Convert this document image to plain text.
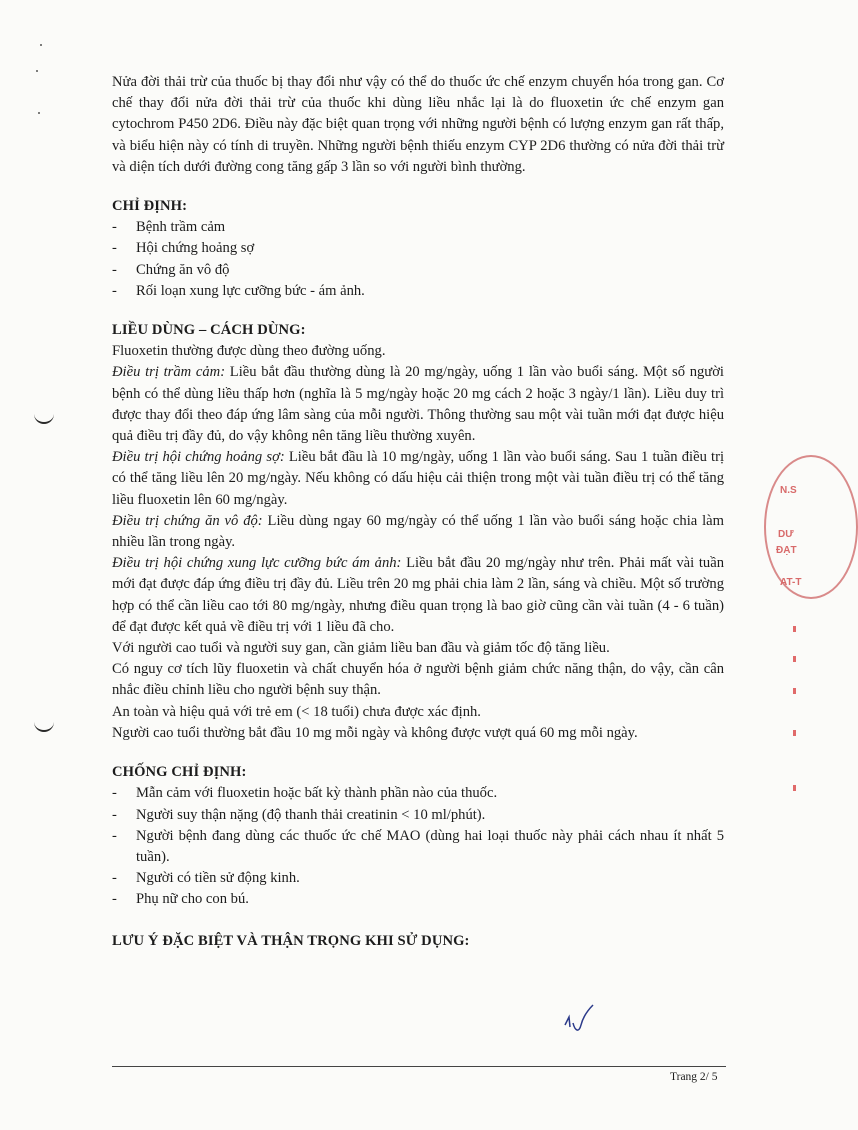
Nửa đời thải trừ của thuốc bị thay đổi như vậy có thể do thuốc ức chế enzym chuyển hóa trong gan. Cơ chế thay đổi nửa đời thải trừ của thuốc khi dùng liều nhắc lại là do fluoxetin ức chế enzym gan cytochrom P450 2D6. Điều này đặc biệt quan trọng với những người bệnh có lượng enzym gan rất thấp, và biểu hiện này có tính di truyền. Những người bệnh thiếu enzym CYP 2D6 thường có nửa đời thải trừ và diện tích dưới đường cong tăng gấp 3 lần so với người bình thường.

CHỈ ĐỊNH:
- Bệnh trầm cảm
- Hội chứng hoảng sợ
- Chứng ăn vô độ
- Rối loạn xung lực cưỡng bức - ám ảnh.
LIỀU DÙNG – CÁCH DÙNG:

Fluoxetin thường được dùng theo đường uống.

Điều trị trầm cảm: Liều bắt đầu thường dùng là 20 mg/ngày, uống 1 lần vào buổi sáng. Một số người bệnh có thể dùng liều thấp hơn (nghĩa là 5 mg/ngày hoặc 20 mg cách 2 hoặc 3 ngày/1 lần). Liều duy trì được thay đổi theo đáp ứng lâm sàng của mỗi người. Thông thường sau một vài tuần mới đạt được hiệu quả điều trị đầy đủ, do vậy không nên tăng liều thường xuyên.

Điều trị hội chứng hoảng sợ: Liều bắt đầu là 10 mg/ngày, uống 1 lần vào buổi sáng. Sau 1 tuần điều trị có thể tăng liều lên 20 mg/ngày. Nếu không có dấu hiệu cải thiện trong một vài tuần điều trị có thể tăng liều fluoxetin lên 60 mg/ngày.

Điều trị chứng ăn vô độ: Liều dùng ngay 60 mg/ngày có thể uống 1 lần vào buổi sáng hoặc chia làm nhiều lần trong ngày.

Điều trị hội chứng xung lực cưỡng bức ám ảnh: Liều bắt đầu 20 mg/ngày như trên. Phải mất vài tuần mới đạt được đáp ứng điều trị đầy đủ. Liều trên 20 mg phải chia làm 2 lần, sáng và chiều. Một số trường hợp có thể cần liều cao tới 80 mg/ngày, nhưng điều quan trọng là bao giờ cũng cần vài tuần (4 - 6 tuần) để đạt được kết quả về điều trị với 1 liều đã cho.

Với người cao tuổi và người suy gan, cần giảm liều ban đầu và giảm tốc độ tăng liều.

Có nguy cơ tích lũy fluoxetin và chất chuyển hóa ở người bệnh giảm chức năng thận, do vậy, cần cân nhắc điều chỉnh liều cho người bệnh suy thận.

An toàn và hiệu quả với trẻ em (< 18 tuổi) chưa được xác định.

Người cao tuổi thường bắt đầu 10 mg mỗi ngày và không được vượt quá 60 mg mỗi ngày.

CHỐNG CHỈ ĐỊNH:
- Mẫn cảm với fluoxetin hoặc bất kỳ thành phần nào của thuốc.
- Người suy thận nặng (độ thanh thải creatinin < 10 ml/phút).
- Người bệnh đang dùng các thuốc ức chế MAO (dùng hai loại thuốc này phải cách nhau ít nhất 5 tuần).
- Người có tiền sử động kinh.
- Phụ nữ cho con bú.
LƯU Ý ĐẶC BIỆT VÀ THẬN TRỌNG KHI SỬ DỤNG:
N.S
DƯ
ĐẠT
AT-T
Trang 2/ 5
